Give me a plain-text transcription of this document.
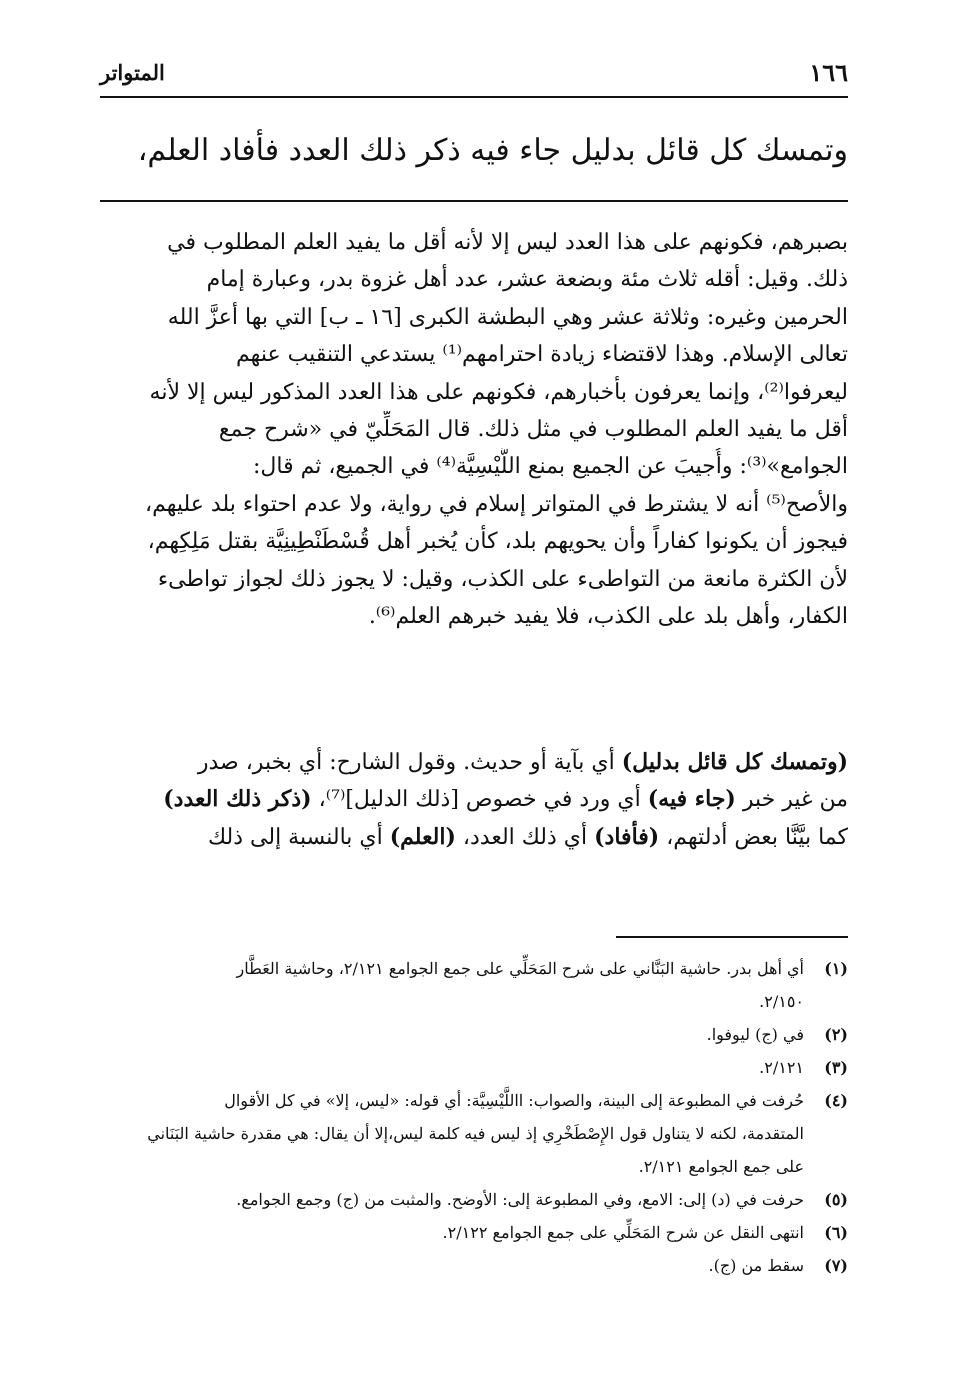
١٦٦
المتواتر
وتمسك كل قائل بدليل جاء فيه ذكر ذلك العدد فأفاد العلم،
بصبرهم، فكونهم على هذا العدد ليس إلا لأنه أقل ما يفيد العلم المطلوب في
ذلك. وقيل: أقله ثلاث مئة وبضعة عشر، عدد أهل غزوة بدر، وعبارة إمام
الحرمين وغيره: وثلاثة عشر وهي البطشة الكبرى [١٦ ـ ب] التي بها أعزَّ الله
تعالى الإسلام. وهذا لاقتضاء زيادة احترامهم⁽¹⁾ يستدعي التنقيب عنهم
ليعرفوا⁽²⁾، وإنما يعرفون بأخبارهم، فكونهم على هذا العدد المذكور ليس إلا لأنه
أقل ما يفيد العلم المطلوب في مثل ذلك. قال المَحَلِّيّ في «شرح جمع
الجوامع»⁽³⁾: وأُجيبَ عن الجميع بمنع اللَّيْسِيَّة⁽⁴⁾ في الجميع، ثم قال:
والأصح⁽⁵⁾ أنه لا يشترط في المتواتر إسلام في رواية، ولا عدم احتواء بلد عليهم،
فيجوز أن يكونوا كفاراً وأن يحويهم بلد، كأن يُخبر أهل قُسْطَنْطِينِيَّة بقتل مَلِكِهم،
لأن الكثرة مانعة من التواطىء على الكذب، وقيل: لا يجوز ذلك لجواز تواطىء
الكفار، وأهل بلد على الكذب، فلا يفيد خبرهم العلم⁽⁶⁾.
(وتمسك كل قائل بدليل) أي بآية أو حديث. وقول الشارح: أي بخبر، صدر
من غير خبر (جاء فيه) أي ورد في خصوص [ذلك الدليل]⁽⁷⁾، (ذكر ذلك العدد)
كما بيَّنَّا بعض أدلتهم، (فأفاد) أي ذلك العدد، (العلم) أي بالنسبة إلى ذلك
(١)
أي أهل بدر. حاشية البَنَّاني على شرح المَحَلِّي على جمع الجوامع ٢/١٢١، وحاشية العَطَّار
٢/١٥٠.
(٢)
في (ج) ليوفوا.
(٣)
٢/١٢١.
(٤)
حُرفت في المطبوعة إلى البينة، والصواب: االلَّيْسِيَّة: أي قوله: «ليس، إلا» في كل الأقوال
المتقدمة، لكنه لا يتناول قول الإِصْطَخْرِي إذ ليس فيه كلمة ليس،إلا أن يقال: هي مقدرة حاشية البَنَاني
على جمع الجوامع ٢/١٢١.
(٥)
حرفت في (د) إلى: الامع، وفي المطبوعة إلى: الأوضح. والمثبت من (ج) وجمع الجوامع.
(٦)
انتهى النقل عن شرح المَحَلِّي على جمع الجوامع ٢/١٢٢.
(٧)
سقط من (ج).
